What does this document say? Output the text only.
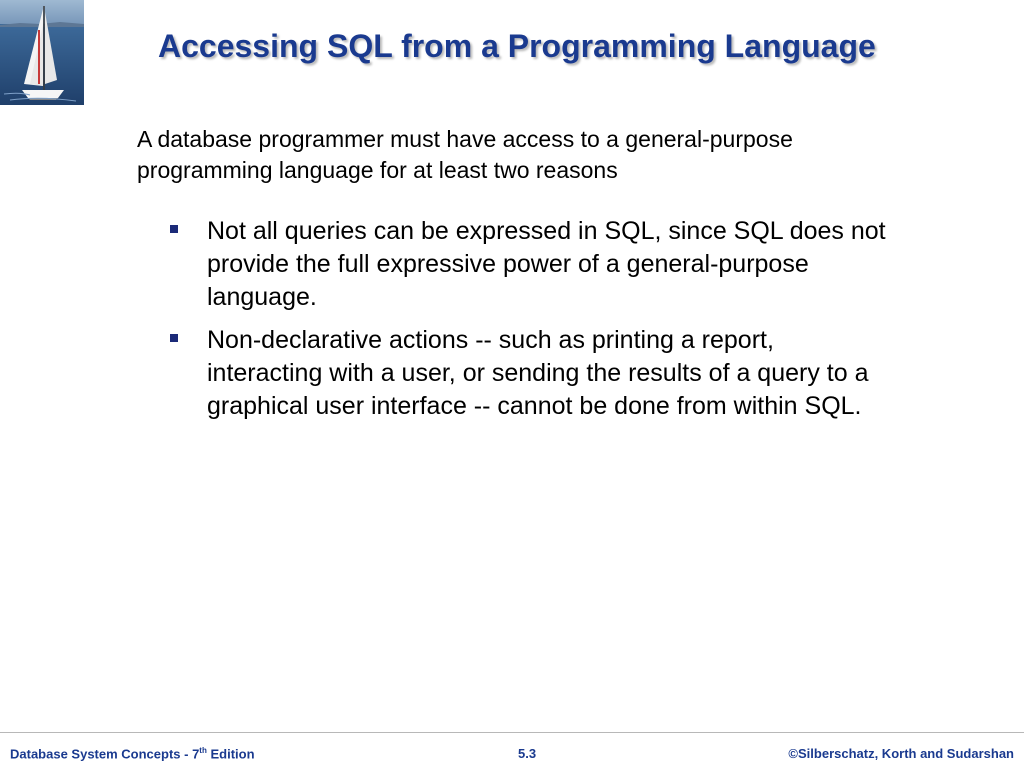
Accessing SQL from a Programming Language

A database programmer must have access to a general-purpose programming language for at least two reasons

Not all queries can be expressed in SQL, since SQL does not provide the full expressive power of a general-purpose language.
Non-declarative actions -- such as printing a report, interacting with a user, or sending the results of a query to a graphical user interface -- cannot be done from within SQL.
Database System Concepts - 7th Edition	5.3	©Silberschatz, Korth and Sudarshan
